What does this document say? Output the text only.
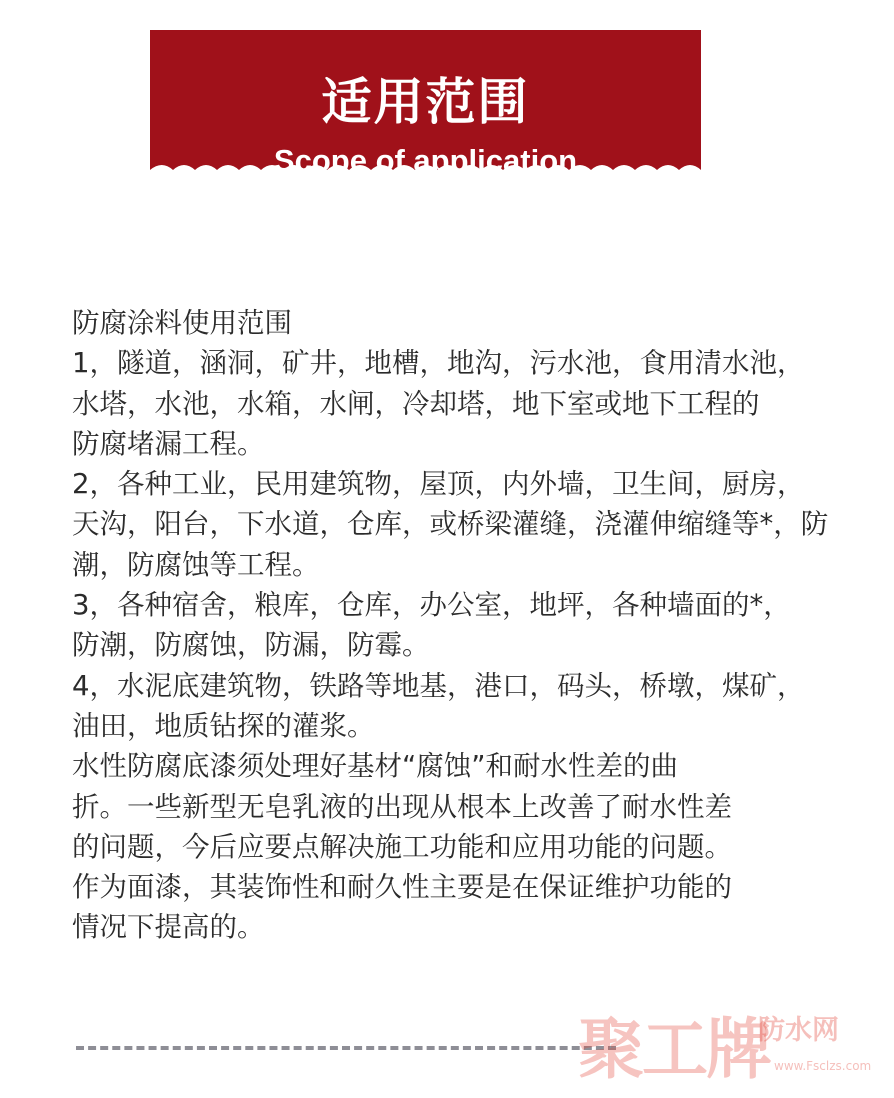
适用范围
Scope of application
防腐涂料使用范围
1，隧道，涵洞，矿井，地槽，地沟，污水池，食用清水池，
水塔，水池，水箱，水闸，冷却塔，地下室或地下工程的
防腐堵漏工程。
2，各种工业，民用建筑物，屋顶，内外墙，卫生间，厨房，
天沟，阳台，下水道，仓库，或桥梁灌缝，浇灌伸缩缝等*，防
潮，防腐蚀等工程。
3，各种宿舍，粮库，仓库，办公室，地坪，各种墙面的*，
防潮，防腐蚀，防漏，防霉。
4，水泥底建筑物，铁路等地基，港口，码头，桥墩，煤矿，
油田，地质钻探的灌浆。
水性防腐底漆须处理好基材“腐蚀”和耐水性差的曲
折。一些新型无皂乳液的出现从根本上改善了耐水性差
的问题，今后应要点解决施工功能和应用功能的问题。
作为面漆，其装饰性和耐久性主要是在保证维护功能的
情况下提高的。
聚工牌
防水网
www.Fsclzs.com
